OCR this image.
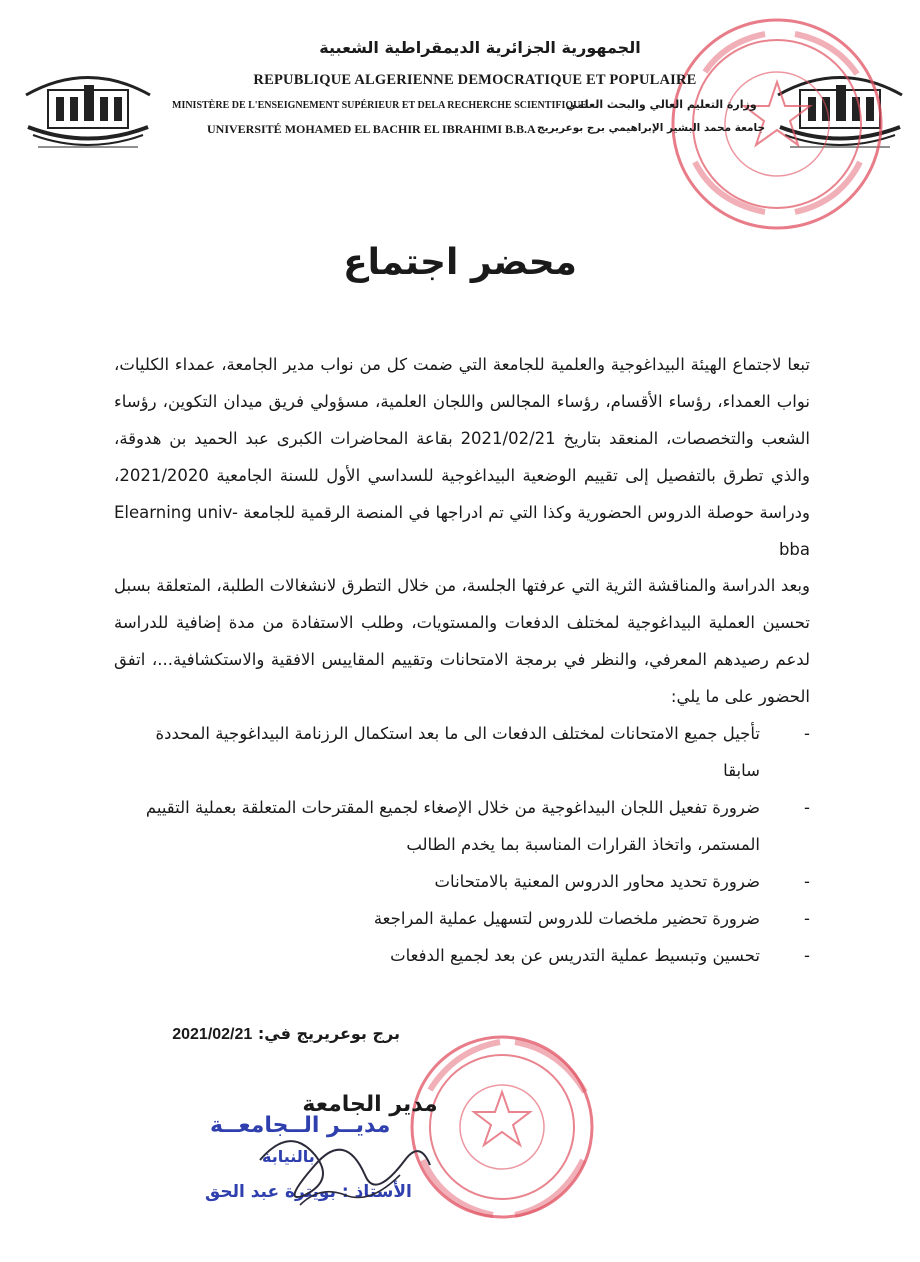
الجمهورية الجزائرية الديمقراطية الشعبية
REPUBLIQUE ALGERIENNE DEMOCRATIQUE ET POPULAIRE
MINISTÈRE DE L'ENSEIGNEMENT SUPÉRIEUR ET DELA RECHERCHE SCIENTIFIQUE
وزارة التعليم العالي والبحث العلمي
UNIVERSITÉ MOHAMED EL BACHIR EL IBRAHIMI B.B.A جامعة محمد البشير الإبراهيمي برج بوعريريج
محضر اجتماع

تبعا لاجتماع الهيئة البيداغوجية والعلمية للجامعة التي ضمت كل من نواب مدير الجامعة، عمداء الكليات، نواب العمداء، رؤساء الأقسام، رؤساء المجالس واللجان العلمية، مسؤولي فريق ميدان التكوين، رؤساء الشعب والتخصصات، المنعقد بتاريخ 2021/02/21 بقاعة المحاضرات الكبرى عبد الحميد بن هدوقة، والذي تطرق بالتفصيل إلى تقييم الوضعية البيداغوجية للسداسي الأول للسنة الجامعية 2021/2020، ودراسة حوصلة الدروس الحضورية وكذا التي تم ادراجها في المنصة الرقمية للجامعة Elearning univ-bba

وبعد الدراسة والمناقشة الثرية التي عرفتها الجلسة، من خلال التطرق لانشغالات الطلبة، المتعلقة بسبل تحسين العملية البيداغوجية لمختلف الدفعات والمستويات، وطلب الاستفادة من مدة إضافية للدراسة لدعم رصيدهم المعرفي، والنظر في برمجة الامتحانات وتقييم المقاييس الافقية والاستكشافية...، اتفق الحضور على ما يلي:

-
تأجيل جميع الامتحانات لمختلف الدفعات الى ما بعد استكمال الرزنامة البيداغوجية المحددة سابقا
-
ضرورة تفعيل اللجان البيداغوجية من خلال الإصغاء لجميع المقترحات المتعلقة بعملية التقييم المستمر، واتخاذ القرارات المناسبة بما يخدم الطالب
-
ضرورة تحديد محاور الدروس المعنية بالامتحانات
-
ضرورة تحضير ملخصات للدروس لتسهيل عملية المراجعة
-
تحسين وتبسيط عملية التدريس عن بعد لجميع الدفعات
برج بوعريريج في: 2021/02/21
مدير الجامعة
مديــر الــجامعــة
بالنيابة
الأستاذ : بويترة عبد الحق
